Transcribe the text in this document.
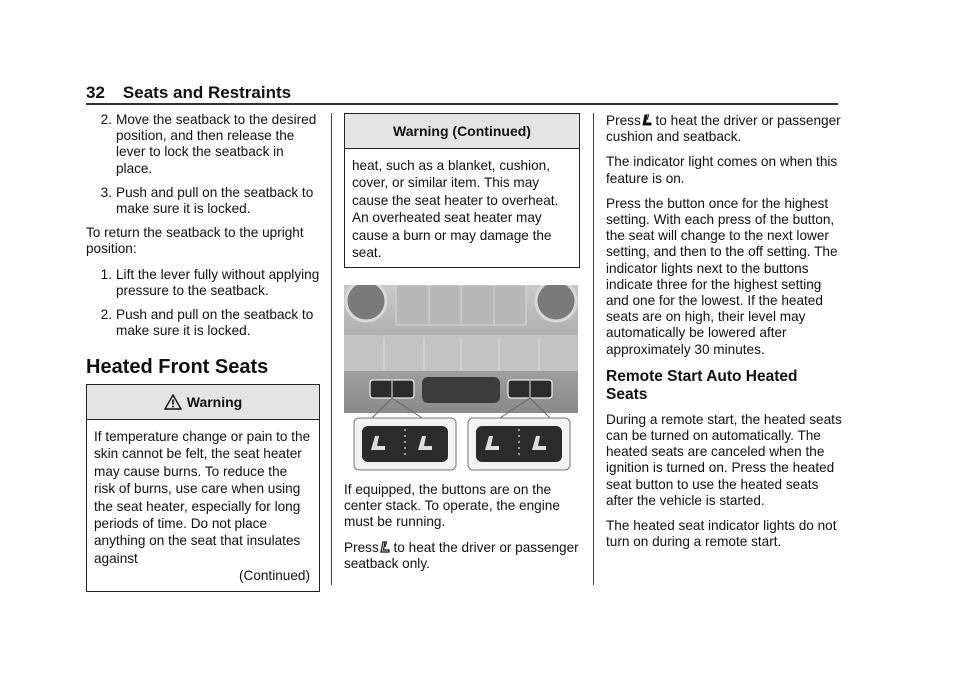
32 Seats and Restraints
2. Move the seatback to the desired position, and then release the lever to lock the seatback in place.
3. Push and pull on the seatback to make sure it is locked.

To return the seatback to the upright position:

1. Lift the lever fully without applying pressure to the seatback.
2. Push and pull on the seatback to make sure it is locked.
Heated Front Seats
Warning
If temperature change or pain to the skin cannot be felt, the seat heater may cause burns. To reduce the risk of burns, use care when using the seat heater, especially for long periods of time. Do not place anything on the seat that insulates against
(Continued)
Warning (Continued)
heat, such as a blanket, cushion, cover, or similar item. This may cause the seat heater to overheat. An overheated seat heater may cause a burn or may damage the seat.

If equipped, the buttons are on the center stack. To operate, the engine must be running.

Press to heat the driver or passenger seatback only.

Press to heat the driver or passenger cushion and seatback.

The indicator light comes on when this feature is on.

Press the button once for the highest setting. With each press of the button, the seat will change to the next lower setting, and then to the off setting. The indicator lights next to the buttons indicate three for the highest setting and one for the lowest. If the heated seats are on high, their level may automatically be lowered after approximately 30 minutes.

Remote Start Auto Heated Seats

During a remote start, the heated seats can be turned on automatically. The heated seats are canceled when the ignition is turned on. Press the heated seat button to use the heated seats after the vehicle is started.

The heated seat indicator lights do not turn on during a remote start.
